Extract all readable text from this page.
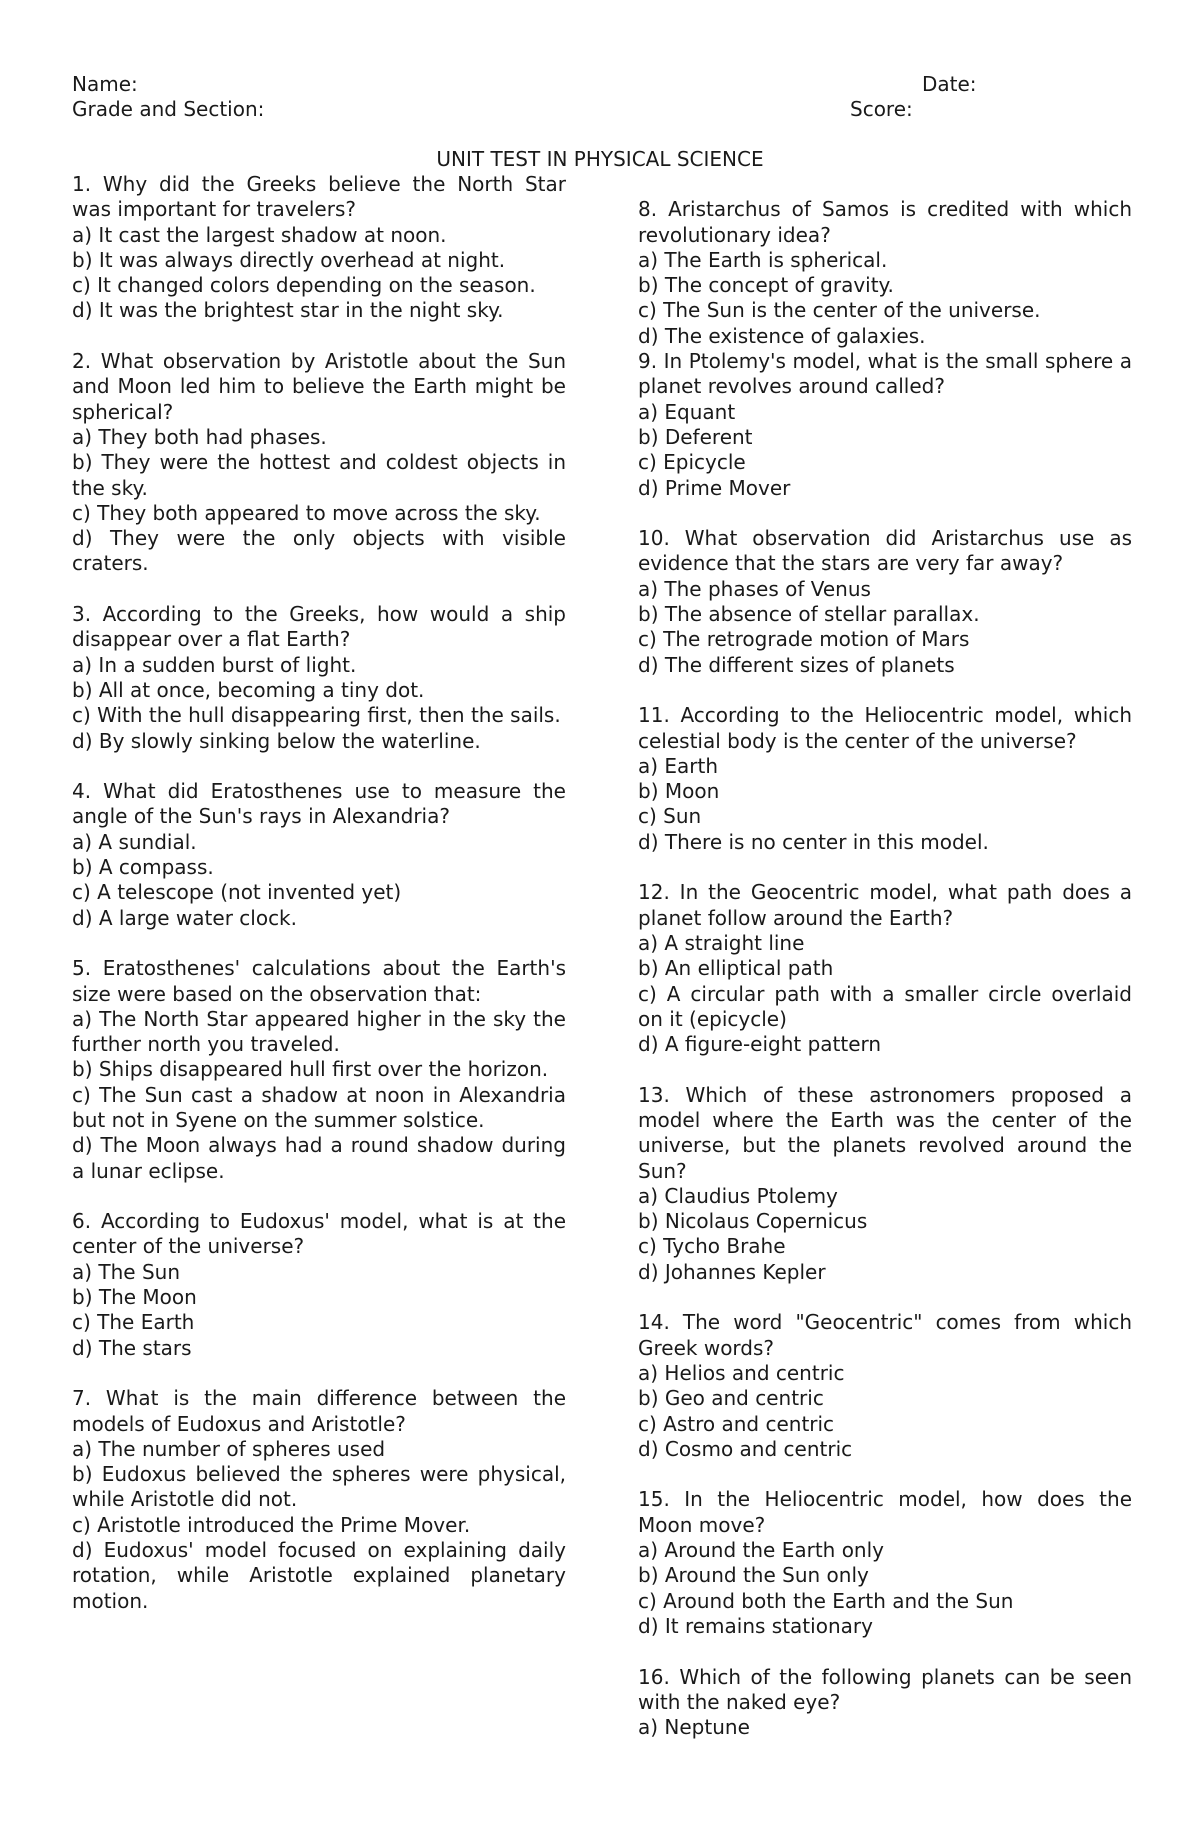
Name:	Date:
Grade and Section:	Score:
UNIT TEST IN PHYSICAL SCIENCE
1. Why did the Greeks believe the North Star was important for travelers?
a) It cast the largest shadow at noon.
b) It was always directly overhead at night.
c) It changed colors depending on the season.
d) It was the brightest star in the night sky.
2. What observation by Aristotle about the Sun and Moon led him to believe the Earth might be spherical?
a) They both had phases.
b) They were the hottest and coldest objects in the sky.
c) They both appeared to move across the sky.
d) They were the only objects with visible craters.
3. According to the Greeks, how would a ship disappear over a flat Earth?
a) In a sudden burst of light.
b) All at once, becoming a tiny dot.
c) With the hull disappearing first, then the sails.
d) By slowly sinking below the waterline.
4. What did Eratosthenes use to measure the angle of the Sun's rays in Alexandria?
a) A sundial.
b) A compass.
c) A telescope (not invented yet)
d) A large water clock.
5. Eratosthenes' calculations about the Earth's size were based on the observation that:
a) The North Star appeared higher in the sky the further north you traveled.
b) Ships disappeared hull first over the horizon.
c) The Sun cast a shadow at noon in Alexandria but not in Syene on the summer solstice.
d) The Moon always had a round shadow during a lunar eclipse.
6. According to Eudoxus' model, what is at the center of the universe?
a) The Sun
b) The Moon
c) The Earth
d) The stars
7. What is the main difference between the models of Eudoxus and Aristotle?
a) The number of spheres used
b) Eudoxus believed the spheres were physical, while Aristotle did not.
c) Aristotle introduced the Prime Mover.
d) Eudoxus' model focused on explaining daily rotation, while Aristotle explained planetary motion.
8. Aristarchus of Samos is credited with which revolutionary idea?
a) The Earth is spherical.
b) The concept of gravity.
c) The Sun is the center of the universe.
d) The existence of galaxies.
9. In Ptolemy's model, what is the small sphere a planet revolves around called?
a) Equant
b) Deferent
c) Epicycle
d) Prime Mover
10. What observation did Aristarchus use as evidence that the stars are very far away?
a) The phases of Venus
b) The absence of stellar parallax.
c) The retrograde motion of Mars
d) The different sizes of planets
11. According to the Heliocentric model, which celestial body is the center of the universe?
a) Earth
b) Moon
c) Sun
d) There is no center in this model.
12. In the Geocentric model, what path does a planet follow around the Earth?
a) A straight line
b) An elliptical path
c) A circular path with a smaller circle overlaid on it (epicycle)
d) A figure-eight pattern
13. Which of these astronomers proposed a model where the Earth was the center of the universe, but the planets revolved around the Sun?
a) Claudius Ptolemy
b) Nicolaus Copernicus
c) Tycho Brahe
d) Johannes Kepler
14. The word "Geocentric" comes from which Greek words?
a) Helios and centric
b) Geo and centric
c) Astro and centric
d) Cosmo and centric
15. In the Heliocentric model, how does the Moon move?
a) Around the Earth only
b) Around the Sun only
c) Around both the Earth and the Sun
d) It remains stationary
16. Which of the following planets can be seen with the naked eye?
a) Neptune
